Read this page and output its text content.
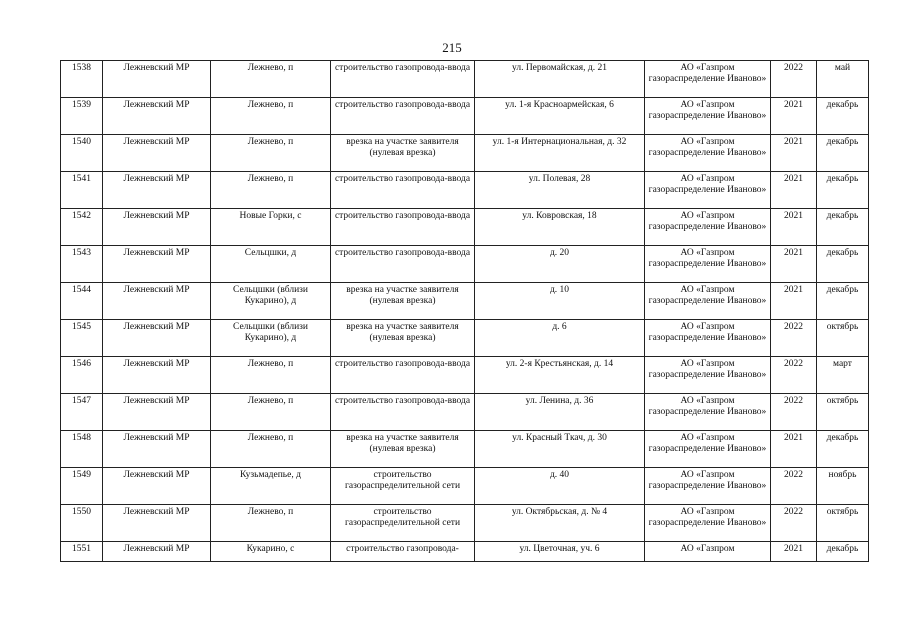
215
1538	Лежневский МР	Лежнево, п	строительство газопровода-ввода	ул. Первомайская, д. 21	АО «Газпром газораспределение Иваново»	2022	май
1539	Лежневский МР	Лежнево, п	строительство газопровода-ввода	ул. 1-я Красноармейская, 6	АО «Газпром газораспределение Иваново»	2021	декабрь
1540	Лежневский МР	Лежнево, п	врезка на участке заявителя (нулевая врезка)	ул. 1-я Интернациональная, д. 32	АО «Газпром газораспределение Иваново»	2021	декабрь
1541	Лежневский МР	Лежнево, п	строительство газопровода-ввода	ул. Полевая, 28	АО «Газпром газораспределение Иваново»	2021	декабрь
1542	Лежневский МР	Новые Горки, с	строительство газопровода-ввода	ул. Ковровская, 18	АО «Газпром газораспределение Иваново»	2021	декабрь
1543	Лежневский МР	Сельцшки, д	строительство газопровода-ввода	д. 20	АО «Газпром газораспределение Иваново»	2021	декабрь
1544	Лежневский МР	Сельцшки (вблизи Кукарино), д	врезка на участке заявителя (нулевая врезка)	д. 10	АО «Газпром газораспределение Иваново»	2021	декабрь
1545	Лежневский МР	Сельцшки (вблизи Кукарино), д	врезка на участке заявителя (нулевая врезка)	д. 6	АО «Газпром газораспределение Иваново»	2022	октябрь
1546	Лежневский МР	Лежнево, п	строительство газопровода-ввода	ул. 2-я Крестьянская, д. 14	АО «Газпром газораспределение Иваново»	2022	март
1547	Лежневский МР	Лежнево, п	строительство газопровода-ввода	ул. Ленина, д. 36	АО «Газпром газораспределение Иваново»	2022	октябрь
1548	Лежневский МР	Лежнево, п	врезка на участке заявителя (нулевая врезка)	ул. Красный Ткач, д. 30	АО «Газпром газораспределение Иваново»	2021	декабрь
1549	Лежневский МР	Кузьмадепье, д	строительство газораспределительной сети	д. 40	АО «Газпром газораспределение Иваново»	2022	ноябрь
1550	Лежневский МР	Лежнево, п	строительство газораспределительной сети	ул. Октябрьская, д. № 4	АО «Газпром газораспределение Иваново»	2022	октябрь
1551	Лежневский МР	Кукарино, с	строительство газопровода-	ул. Цветочная, уч. 6	АО «Газпром	2021	декабрь
